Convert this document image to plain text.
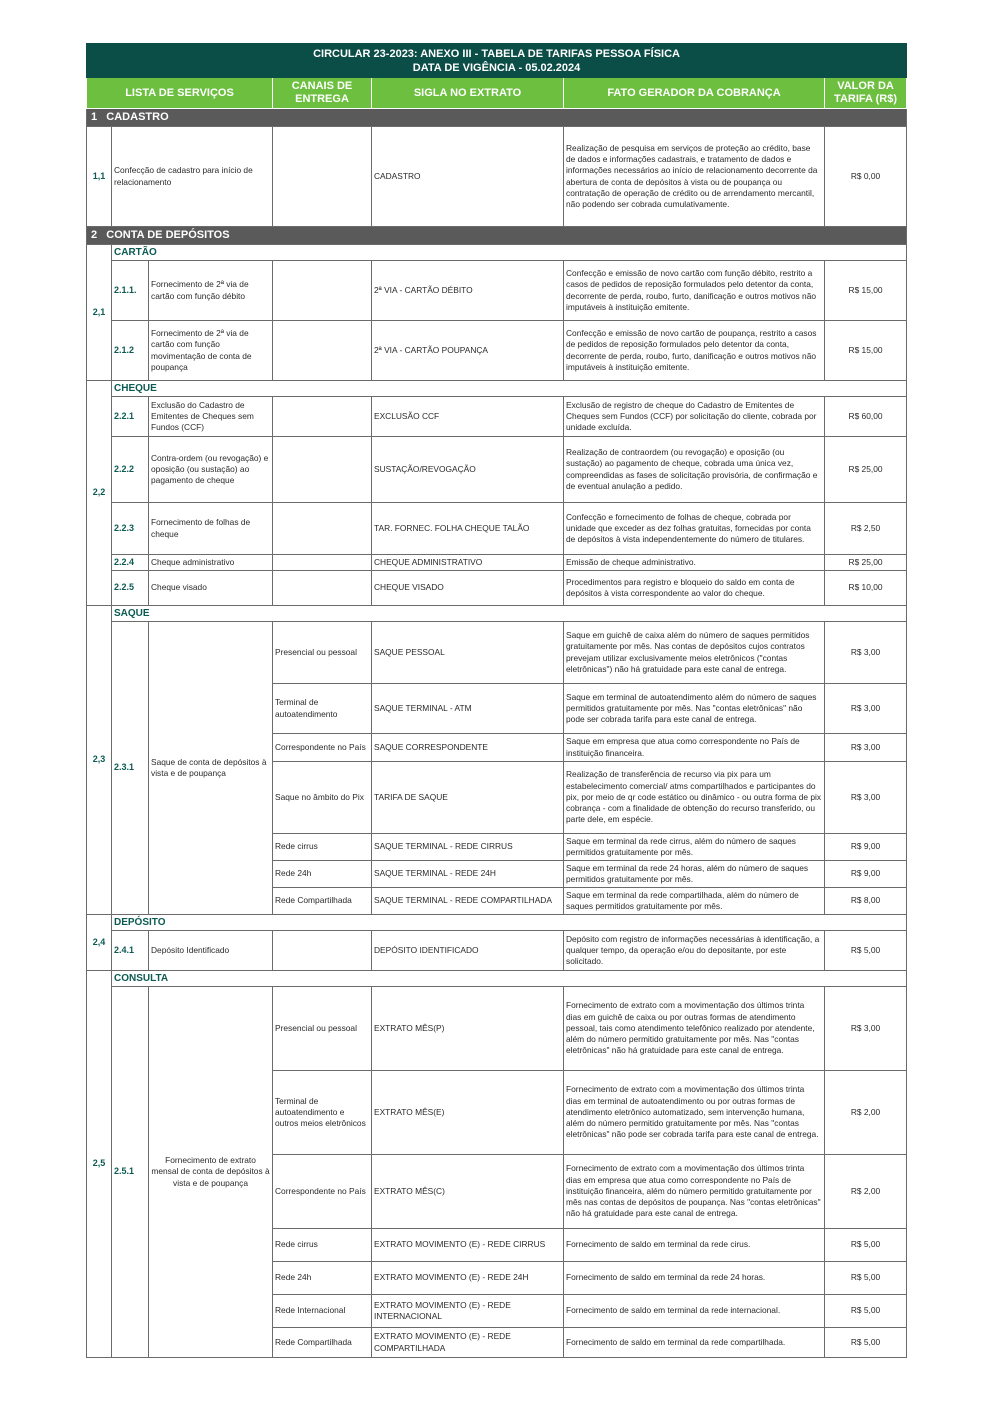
CIRCULAR 23-2023: ANEXO III - TABELA DE TARIFAS PESSOA FÍSICA
DATA DE VIGÊNCIA - 05.02.2024						

LISTA DE SERVIÇOS			CANAIS DE ENTREGA	SIGLA NO EXTRATO	FATO GERADOR DA COBRANÇA	VALOR DA TARIFA (R$)
1 CADASTRO						
1,1	Confecção de cadastro para início de relacionamento			CADASTRO	Realização de pesquisa em serviços de proteção ao crédito, base de dados e informações cadastrais, e tratamento de dados e informações necessários ao início de relacionamento decorrente da abertura de conta de depósitos à vista ou de poupança ou contratação de operação de crédito ou de arrendamento mercantil, não podendo ser cobrada cumulativamente.	R$ 0,00
2 CONTA DE DEPÓSITOS						
2,1	CARTÃO					
	2.1.1.	Fornecimento de 2ª via de cartão com função débito		2ª VIA - CARTÃO DÉBITO	Confecção e emissão de novo cartão com função débito, restrito a casos de pedidos de reposição formulados pelo detentor da conta, decorrente de perda, roubo, furto, danificação e outros motivos não imputáveis à instituição emitente.	R$ 15,00
	2.1.2	Fornecimento de 2ª via de cartão com função movimentação de conta de poupança		2ª VIA - CARTÃO POUPANÇA	Confecção e emissão de novo cartão de poupança, restrito a casos de pedidos de reposição formulados pelo detentor da conta, decorrente de perda, roubo, furto, danificação e outros motivos não imputáveis à instituição emitente.	R$ 15,00
2,2	CHEQUE					
	2.2.1	Exclusão do Cadastro de Emitentes de Cheques sem Fundos (CCF)		EXCLUSÃO CCF	Exclusão de registro de cheque do Cadastro de Emitentes de Cheques sem Fundos (CCF) por solicitação do cliente, cobrada por unidade excluída.	R$ 60,00
	2.2.2	Contra-ordem (ou revogação) e oposição (ou sustação) ao pagamento de cheque		SUSTAÇÃO/REVOGAÇÃO	Realização de contraordem (ou revogação) e oposição (ou sustação) ao pagamento de cheque, cobrada uma única vez, compreendidas as fases de solicitação provisória, de confirmação e de eventual anulação a pedido.	R$ 25,00
	2.2.3	Fornecimento de folhas de cheque		TAR. FORNEC. FOLHA CHEQUE TALÃO	Confecção e fornecimento de folhas de cheque, cobrada por unidade que exceder as dez folhas gratuitas, fornecidas por conta de depósitos à vista independentemente do número de titulares.	R$ 2,50
	2.2.4	Cheque administrativo		CHEQUE ADMINISTRATIVO	Emissão de cheque administrativo.	R$ 25,00
	2.2.5	Cheque visado		CHEQUE VISADO	Procedimentos para registro e bloqueio do saldo em conta de depósitos à vista correspondente ao valor do cheque.	R$ 10,00
2,3	SAQUE					
	2.3.1	Saque de conta de depósitos à vista e de poupança	Presencial ou pessoal	SAQUE PESSOAL	Saque em guichê de caixa além do número de saques permitidos gratuitamente por mês. Nas contas de depósitos cujos contratos prevejam utilizar exclusivamente meios eletrônicos ("contas eletrônicas") não há gratuidade para este canal de entrega.	R$ 3,00
			Terminal de autoatendimento	SAQUE TERMINAL - ATM	Saque em terminal de autoatendimento além do número de saques permitidos gratuitamente por mês. Nas "contas eletrônicas" não pode ser cobrada tarifa para este canal de entrega.	R$ 3,00
			Correspondente no País	SAQUE CORRESPONDENTE	Saque em empresa que atua como correspondente no País de instituição financeira.	R$ 3,00
			Saque no âmbito do Pix	TARIFA DE SAQUE	Realização de transferência de recurso via pix para um estabelecimento comercial/ atms compartilhados e participantes do pix, por meio de qr code estático ou dinâmico - ou outra forma de pix cobrança - com a finalidade de obtenção do recurso transferido, ou parte dele, em espécie.	R$ 3,00
			Rede cirrus	SAQUE TERMINAL - REDE CIRRUS	Saque em terminal da rede cirrus, além do número de saques permitidos gratuitamente por mês.	R$ 9,00
			Rede 24h	SAQUE TERMINAL - REDE 24H	Saque em terminal da rede 24 horas, além do número de saques permitidos gratuitamente por mês.	R$ 9,00
			Rede Compartilhada	SAQUE TERMINAL - REDE COMPARTILHADA	Saque em terminal da rede compartilhada, além do número de saques permitidos gratuitamente por mês.	R$ 8,00
2,4	DEPÓSITO					
	2.4.1	Depósito Identificado		DEPÓSITO IDENTIFICADO	Depósito com registro de informações necessárias à identificação, a qualquer tempo, da operação e/ou do depositante, por este solicitado.	R$ 5,00
2,5	CONSULTA					
	2.5.1	Fornecimento de extrato mensal de conta de depósitos à vista e de poupança	Presencial ou pessoal	EXTRATO MÊS(P)	Fornecimento de extrato com a movimentação dos últimos trinta dias em guichê de caixa ou por outras formas de atendimento pessoal, tais como atendimento telefônico realizado por atendente, além do número permitido gratuitamente por mês. Nas "contas eletrônicas" não há gratuidade para este canal de entrega.	R$ 3,00
			Terminal de autoatendimento e outros meios eletrônicos	EXTRATO MÊS(E)	Fornecimento de extrato com a movimentação dos últimos trinta dias em terminal de autoatendimento ou por outras formas de atendimento eletrônico automatizado, sem intervenção humana, além do número permitido gratuitamente por mês. Nas "contas eletrônicas" não pode ser cobrada tarifa para este canal de entrega.	R$ 2,00
			Correspondente no País	EXTRATO MÊS(C)	Fornecimento de extrato com a movimentação dos últimos trinta dias em empresa que atua como correspondente no País de instituição financeira, além do número permitido gratuitamente por mês nas contas de depósitos de poupança. Nas "contas eletrônicas" não há gratuidade para este canal de entrega.	R$ 2,00
			Rede cirrus	EXTRATO MOVIMENTO (E) - REDE CIRRUS	Fornecimento de saldo em terminal da rede cirus.	R$ 5,00
			Rede 24h	EXTRATO MOVIMENTO (E) - REDE 24H	Fornecimento de saldo em terminal da rede 24 horas.	R$ 5,00
			Rede Internacional	EXTRATO MOVIMENTO (E) - REDE INTERNACIONAL	Fornecimento de saldo em terminal da rede internacional.	R$ 5,00
			Rede Compartilhada	EXTRATO MOVIMENTO (E) - REDE COMPARTILHADA	Fornecimento de saldo em terminal da rede compartilhada.	R$ 5,00
